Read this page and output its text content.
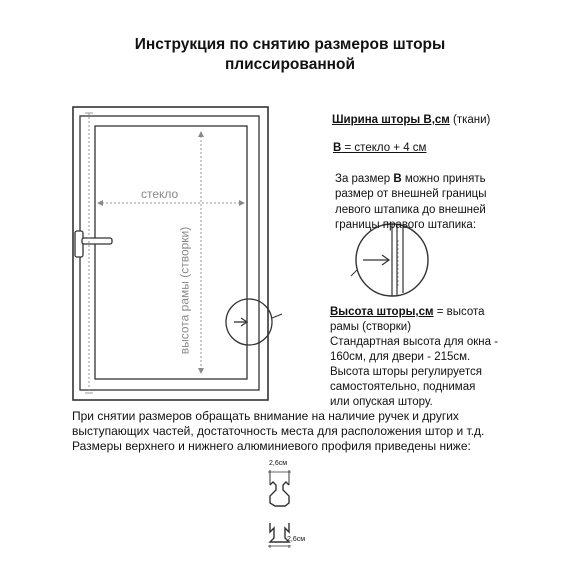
Инструкция по снятию размеров шторы
плиссированной
стекло
высота рамы (створки)
Ширина шторы В,см (ткани)
В = стекло + 4 см
За размер В можно принять
размер от внешней границы
левого штапика до внешней
границы правого штапика:
Высота шторы,см = высота
рамы (створки)
Стандартная высота для окна -
160см, для двери - 215см.
Высота шторы регулируется
самостоятельно, поднимая
или опуская штору.
При снятии размеров обращать внимание на наличие ручек и других
выступающих частей, достаточность места для расположения штор и т.д.
Размеры верхнего и нижнего алюминиевого профиля приведены ниже:
2,6см
2,6см
